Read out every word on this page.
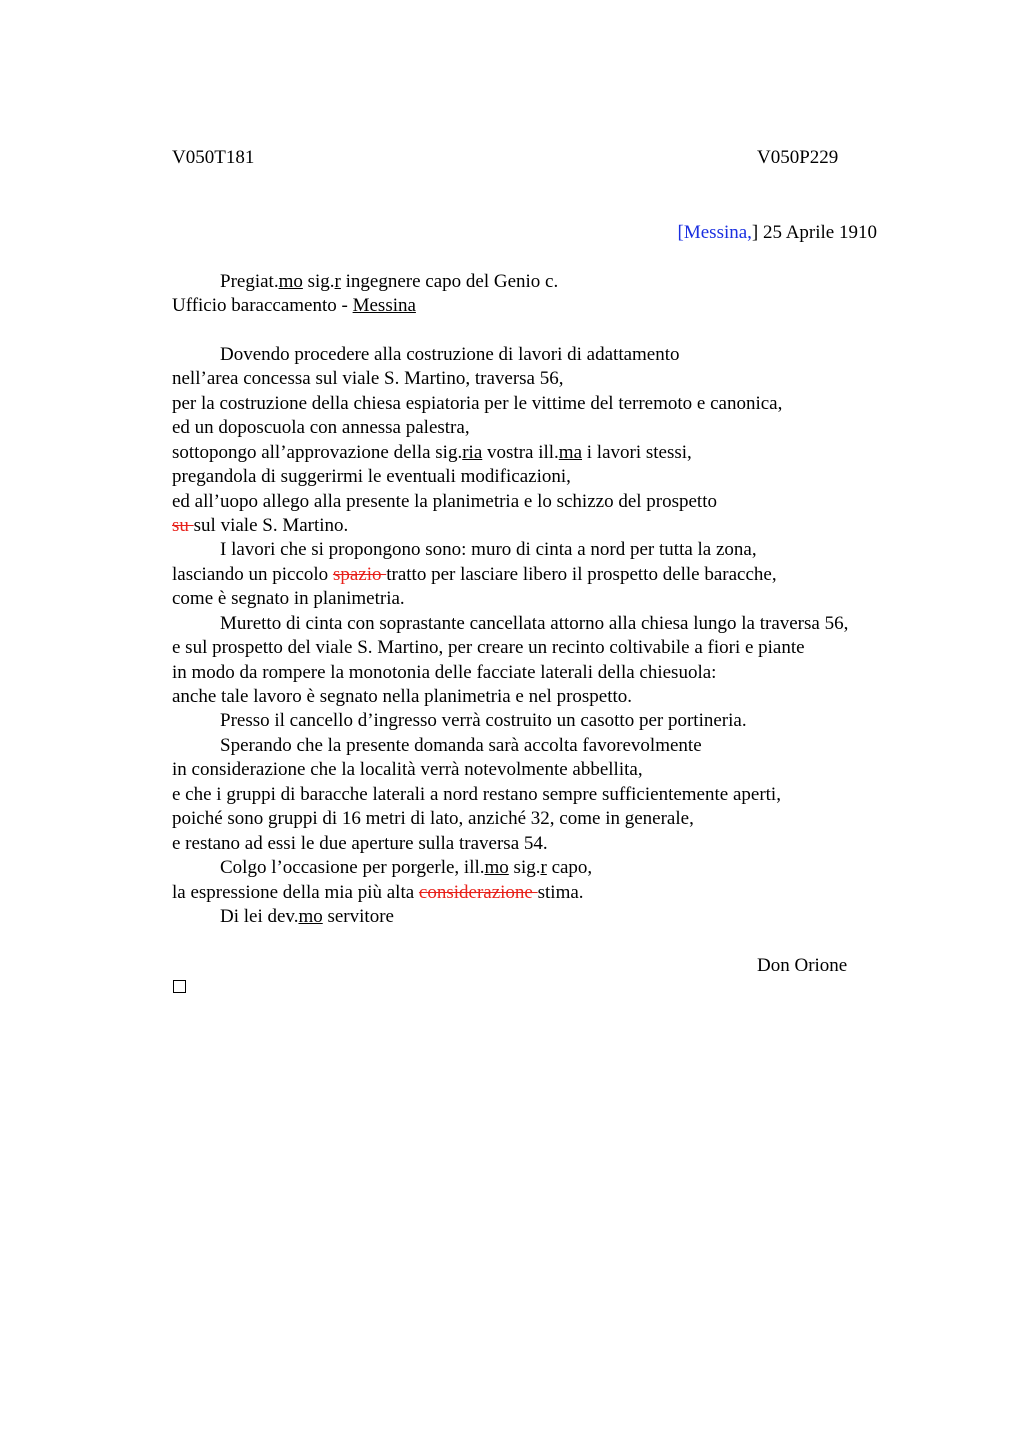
V050T181	V050P229
[Messina,] 25 Aprile 1910
Pregiat.mo sig.r ingegnere capo del Genio c.
Ufficio baraccamento - Messina
Dovendo procedere alla costruzione di lavori di adattamento
nell’area concessa sul viale S. Martino, traversa 56,
per la costruzione della chiesa espiatoria per le vittime del terremoto e canonica,
ed un doposcuola con annessa palestra,
sottopongo all’approvazione della sig.ria vostra ill.ma i lavori stessi,
pregandola di suggerirmi le eventuali modificazioni,
ed all’uopo allego alla presente la planimetria e lo schizzo del prospetto
su sul viale S. Martino.
I lavori che si propongono sono: muro di cinta a nord per tutta la zona,
lasciando un piccolo spazio tratto per lasciare libero il prospetto delle baracche,
come è segnato in planimetria.
Muretto di cinta con soprastante cancellata attorno alla chiesa lungo la traversa 56,
e sul prospetto del viale S. Martino, per creare un recinto coltivabile a fiori e piante
in modo da rompere la monotonia delle facciate laterali della chiesuola:
anche tale lavoro è segnato nella planimetria e nel prospetto.
Presso il cancello d’ingresso verrà costruito un casotto per portineria.
Sperando che la presente domanda sarà accolta favorevolmente
in considerazione che la località verrà notevolmente abbellita,
e che i gruppi di baracche laterali a nord restano sempre sufficientemente aperti,
poiché sono gruppi di 16 metri di lato, anziché 32, come in generale,
e restano ad essi le due aperture sulla traversa 54.
Colgo l’occasione per porgerle, ill.mo sig.r capo,
la espressione della mia più alta considerazione stima.
Di lei dev.mo servitore
Don Orione
